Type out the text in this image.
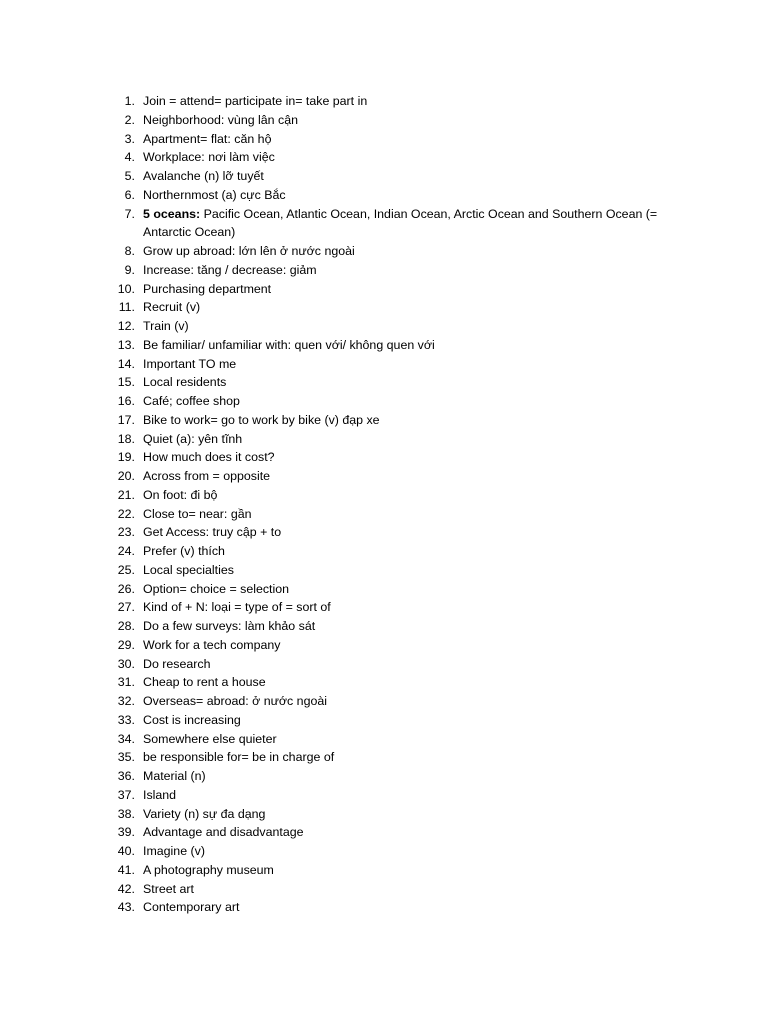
1. Join = attend= participate in= take part in
2. Neighborhood: vùng lân cận
3. Apartment= flat: căn hộ
4. Workplace: nơi làm việc
5. Avalanche (n) lỡ tuyết
6. Northernmost (a) cực Bắc
7. 5 oceans: Pacific Ocean, Atlantic Ocean, Indian Ocean, Arctic Ocean and Southern Ocean (= Antarctic Ocean)
8. Grow up abroad: lớn lên ở nước ngoài
9. Increase: tăng / decrease: giảm
10. Purchasing department
11. Recruit (v)
12. Train (v)
13. Be familiar/ unfamiliar with: quen với/ không quen với
14. Important TO me
15. Local residents
16. Café; coffee shop
17. Bike to work= go to work by bike (v) đạp xe
18. Quiet (a): yên tĩnh
19. How much does it cost?
20. Across from = opposite
21. On foot: đi bộ
22. Close to= near: gần
23. Get Access: truy cập + to
24. Prefer (v) thích
25. Local specialties
26. Option= choice = selection
27. Kind of + N: loại = type of = sort of
28. Do a few surveys: làm khảo sát
29. Work for a tech company
30. Do research
31. Cheap to rent a house
32. Overseas= abroad: ở nước ngoài
33. Cost is increasing
34. Somewhere else quieter
35. be responsible for= be in charge of
36. Material (n)
37. Island
38. Variety (n) sự đa dạng
39. Advantage and disadvantage
40. Imagine (v)
41. A photography museum
42. Street art
43. Contemporary art
